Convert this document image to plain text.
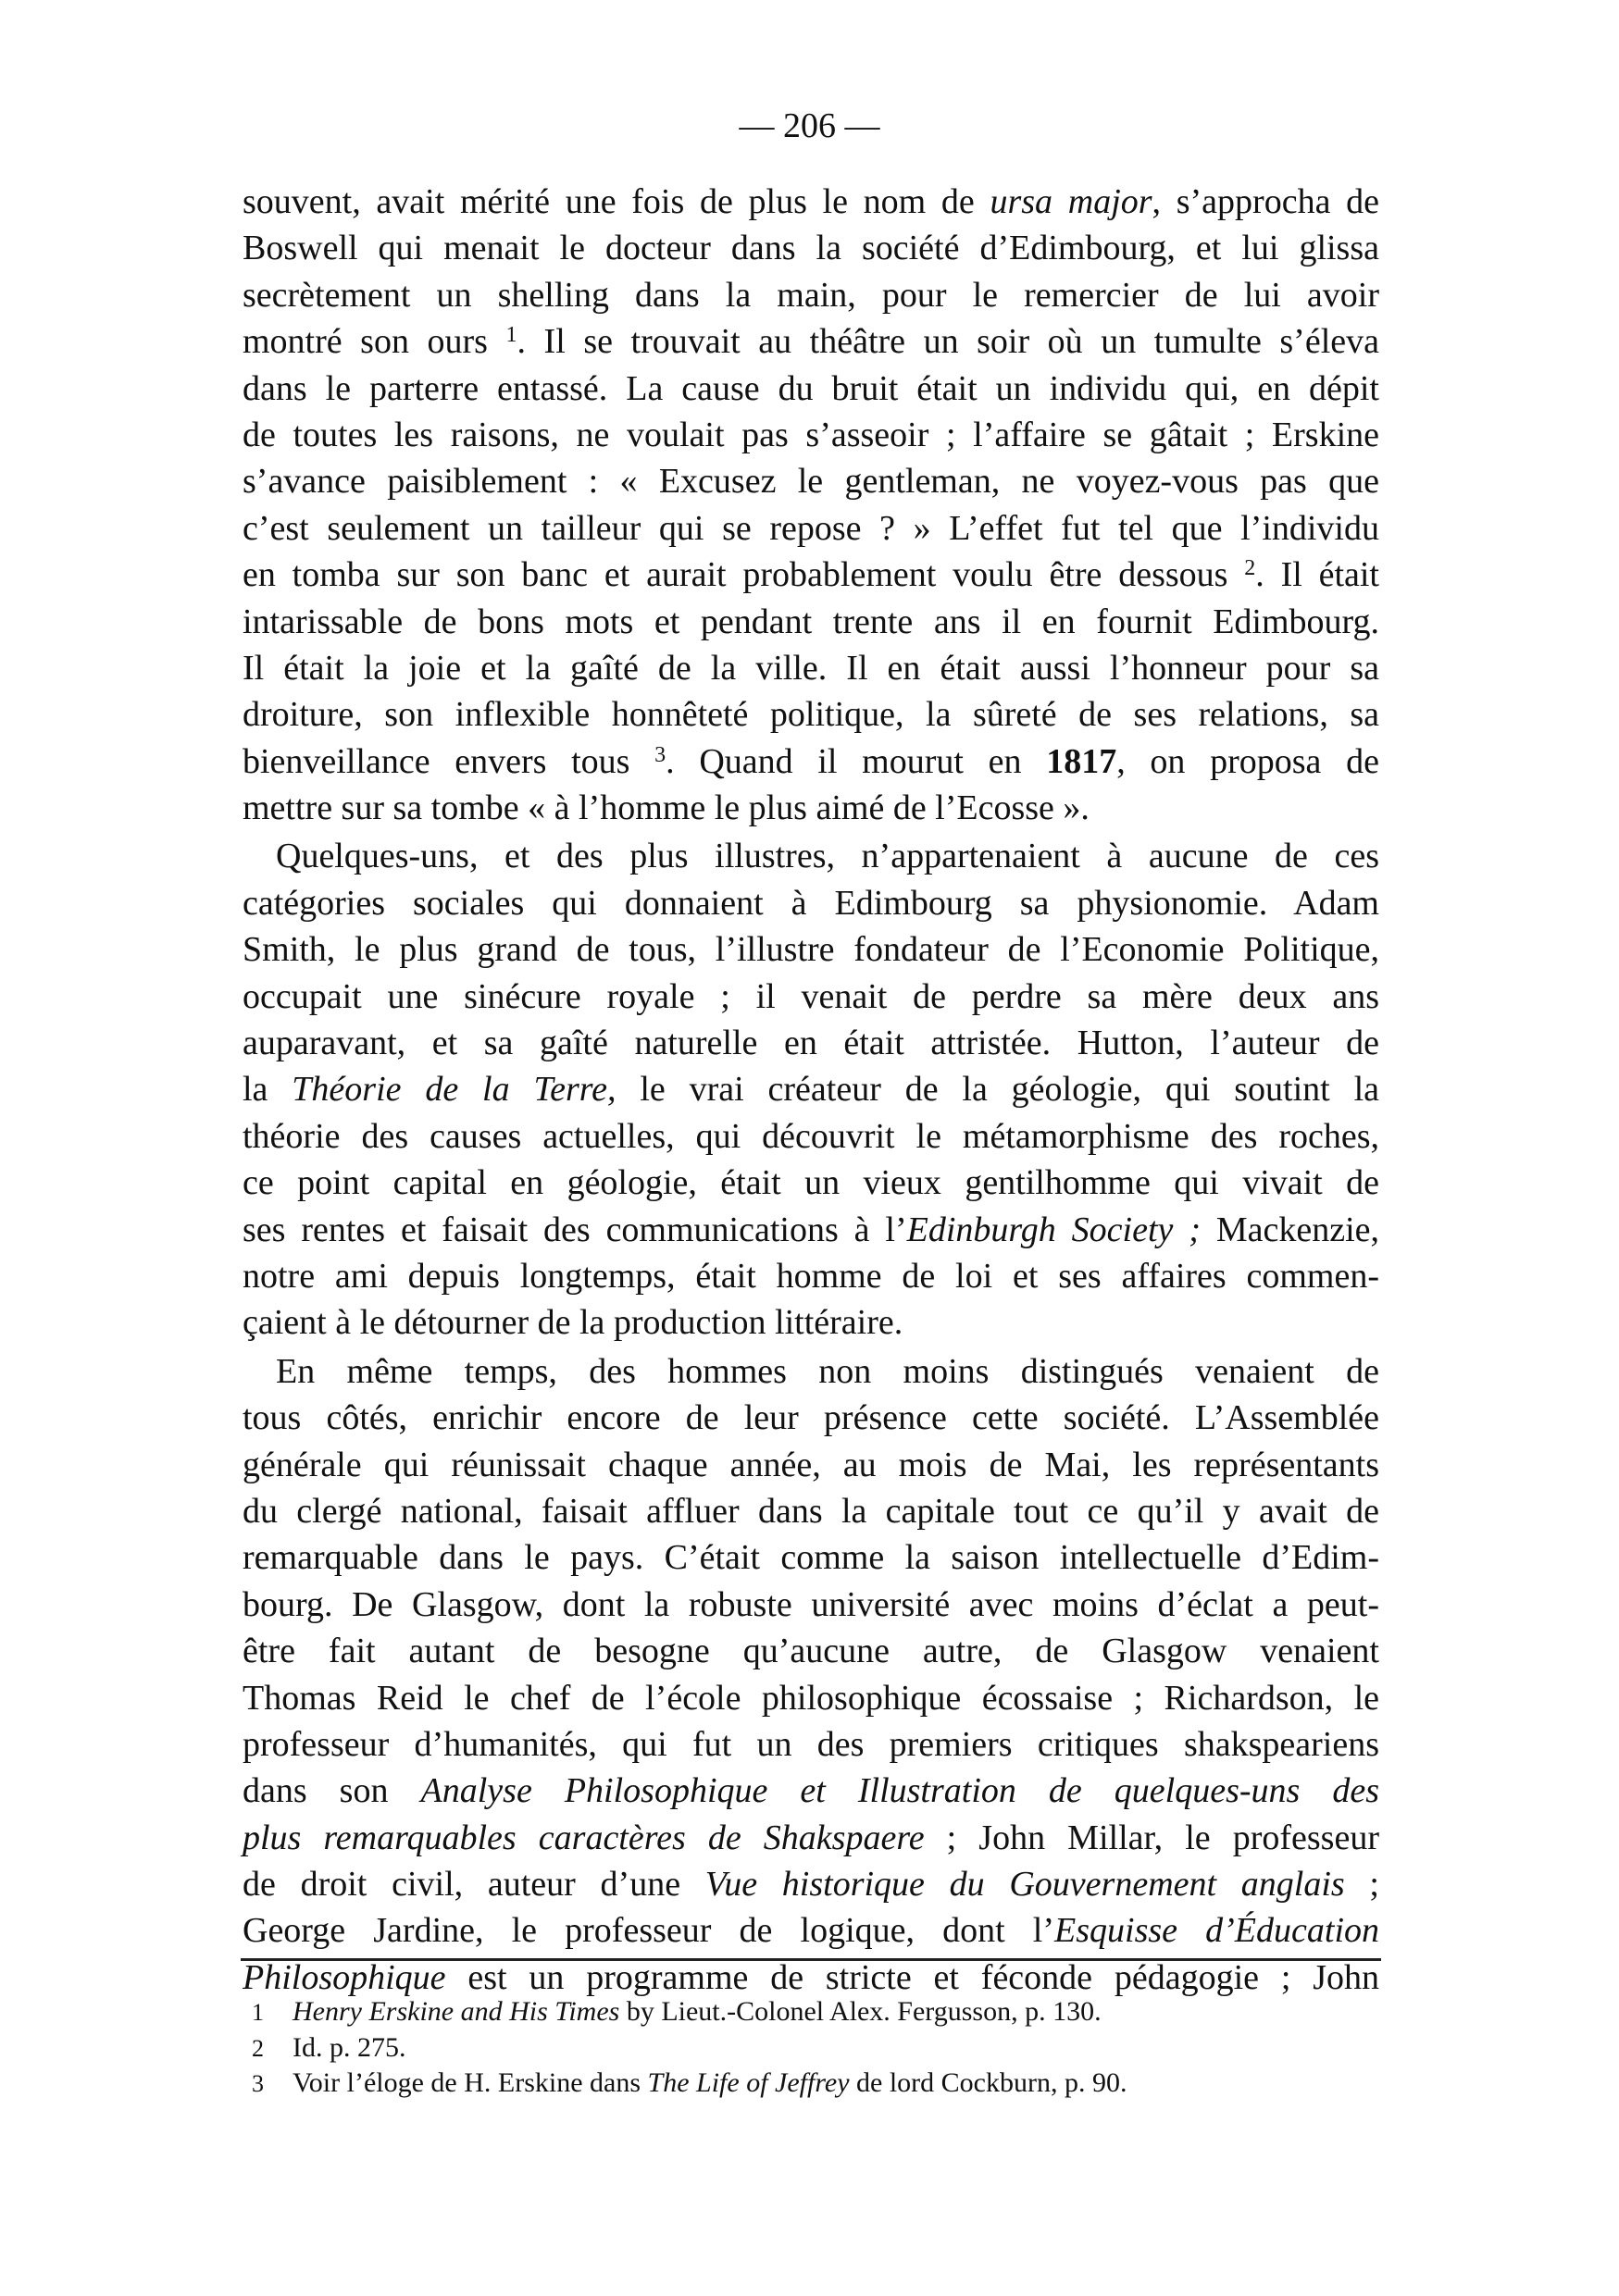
— 206 —
souvent, avait mérité une fois de plus le nom de ursa major, s’approcha de
Boswell qui menait le docteur dans la société d’Edimbourg, et lui glissa
secrètement un shelling dans la main, pour le remercier de lui avoir
montré son ours $^1$. Il se trouvait au théâtre un soir où un tumulte s’éleva
dans le parterre entassé. La cause du bruit était un individu qui, en dépit
de toutes les raisons, ne voulait pas s’asseoir ; l’affaire se gâtait ; Erskine
s’avance paisiblement : « Excusez le gentleman, ne voyez-vous pas que
c’est seulement un tailleur qui se repose ? » L’effet fut tel que l’individu
en tomba sur son banc et aurait probablement voulu être dessous $^2$. Il était
intarissable de bons mots et pendant trente ans il en fournit Edimbourg.
Il était la joie et la gaîté de la ville. Il en était aussi l’honneur pour sa
droiture, son inflexible honnêteté politique, la sûreté de ses relations, sa
bienveillance envers tous $^3$. Quand il mourut en 1817, on proposa de
mettre sur sa tombe « à l’homme le plus aimé de l’Ecosse ».
Quelques-uns, et des plus illustres, n’appartenaient à aucune de ces
catégories sociales qui donnaient à Edimbourg sa physionomie. Adam
Smith, le plus grand de tous, l’illustre fondateur de l’Economie Politique,
occupait une sinécure royale ; il venait de perdre sa mère deux ans
auparavant, et sa gaîté naturelle en était attristée. Hutton, l’auteur de
la Théorie de la Terre, le vrai créateur de la géologie, qui soutint la
théorie des causes actuelles, qui découvrit le métamorphisme des roches,
ce point capital en géologie, était un vieux gentilhomme qui vivait de
ses rentes et faisait des communications à l’Edinburgh Society ; Mackenzie,
notre ami depuis longtemps, était homme de loi et ses affaires commen-
çaient à le détourner de la production littéraire.
En même temps, des hommes non moins distingués venaient de
tous côtés, enrichir encore de leur présence cette société. L’Assemblée
générale qui réunissait chaque année, au mois de Mai, les représentants
du clergé national, faisait affluer dans la capitale tout ce qu’il y avait de
remarquable dans le pays. C’était comme la saison intellectuelle d’Edim-
bourg. De Glasgow, dont la robuste université avec moins d’éclat a peut-
être fait autant de besogne qu’aucune autre, de Glasgow venaient
Thomas Reid le chef de l’école philosophique écossaise ; Richardson, le
professeur d’humanités, qui fut un des premiers critiques shakspeariens
dans son Analyse Philosophique et Illustration de quelques-uns des
plus remarquables caractères de Shakspaere ; John Millar, le professeur
de droit civil, auteur d’une Vue historique du Gouvernement anglais ;
George Jardine, le professeur de logique, dont l’Esquisse d’Éducation
Philosophique est un programme de stricte et féconde pédagogie ; John
1 Henry Erskine and His Times by Lieut.-Colonel Alex. Fergusson, p. 130.
2 Id. p. 275.
3 Voir l’éloge de H. Erskine dans The Life of Jeffrey de lord Cockburn, p. 90.
